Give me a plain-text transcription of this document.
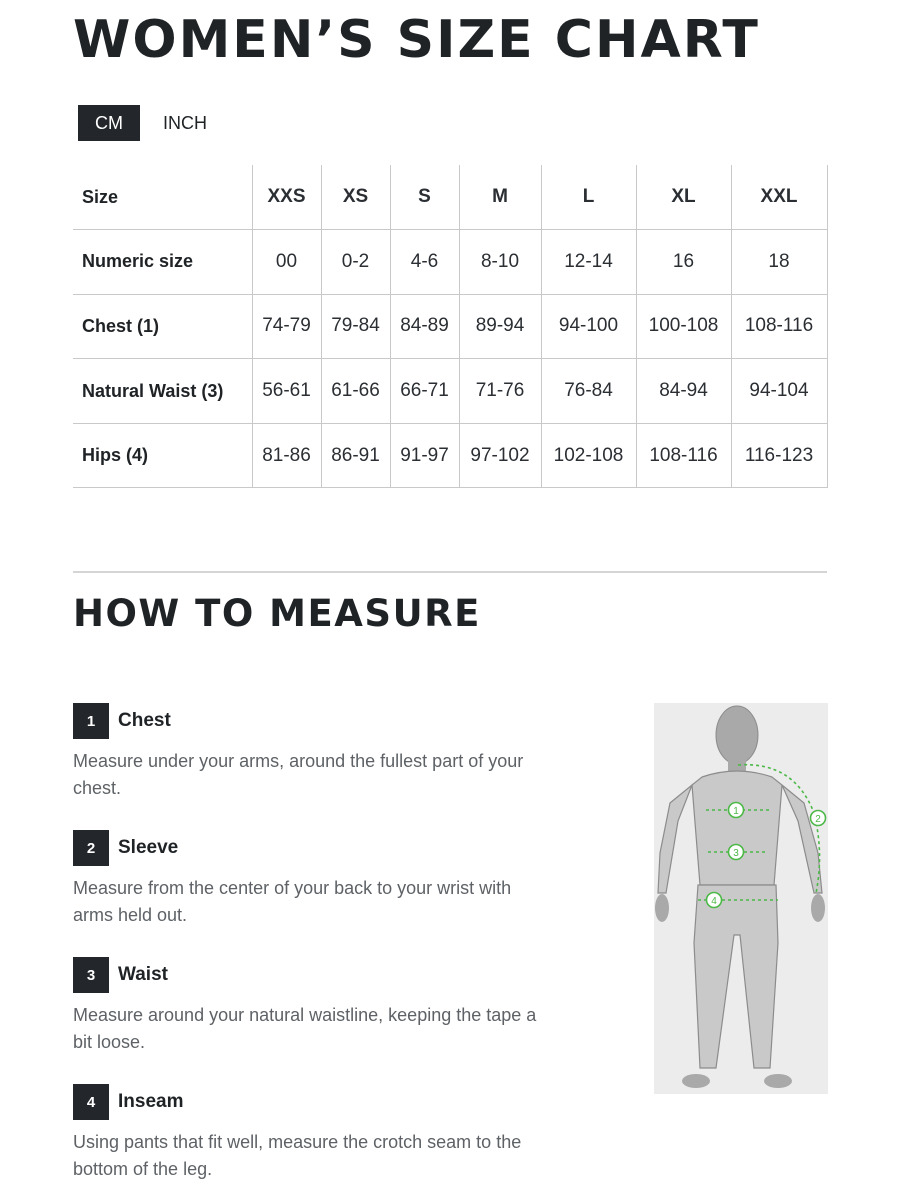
WOMEN’S SIZE CHART
CM	INCH
Size	XXS	XS	S	M	L	XL	XXL
Numeric size	00	0-2	4-6	8-10	12-14	16	18
Chest (1)	74-79	79-84	84-89	89-94	94-100	100-108	108-116
Natural Waist (3)	56-61	61-66	66-71	71-76	76-84	84-94	94-104
Hips (4)	81-86	86-91	91-97	97-102	102-108	108-116	116-123
HOW TO MEASURE
1	Chest
Measure under your arms, around the fullest part of your chest.
2	Sleeve
Measure from the center of your back to your wrist with arms held out.
3	Waist
Measure around your natural waistline, keeping the tape a bit loose.
4	Inseam
Using pants that fit well, measure the crotch seam to the bottom of the leg.
1
2
3
4
